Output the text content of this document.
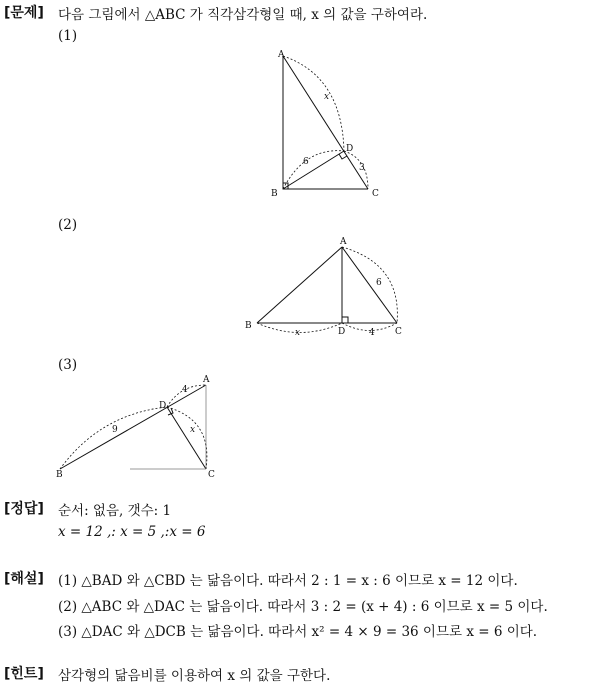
[문제] 다음 그림에서 △ABC 가 직각삼각형일 때, x 의 값을 구하여라.
(1)
A
B	C
D
x
6
3
(2)
A
B
C
D
6
x	4
(3)
A
B	C
D
4
9	x
[정답] 순서: 없음, 갯수: 1
x = 12 ,: x = 5 ,:x = 6
[해설] (1) △BAD 와 △CBD 는 닮음이다. 따라서 2 : 1 = x : 6 이므로 x = 12 이다.
(2) △ABC 와 △DAC 는 닮음이다. 따라서 3 : 2 = (x + 4) : 6 이므로 x = 5 이다.
(3) △DAC 와 △DCB 는 닮음이다. 따라서 x² = 4 × 9 = 36 이므로 x = 6 이다.
[힌트] 삼각형의 닮음비를 이용하여 x 의 값을 구한다.
